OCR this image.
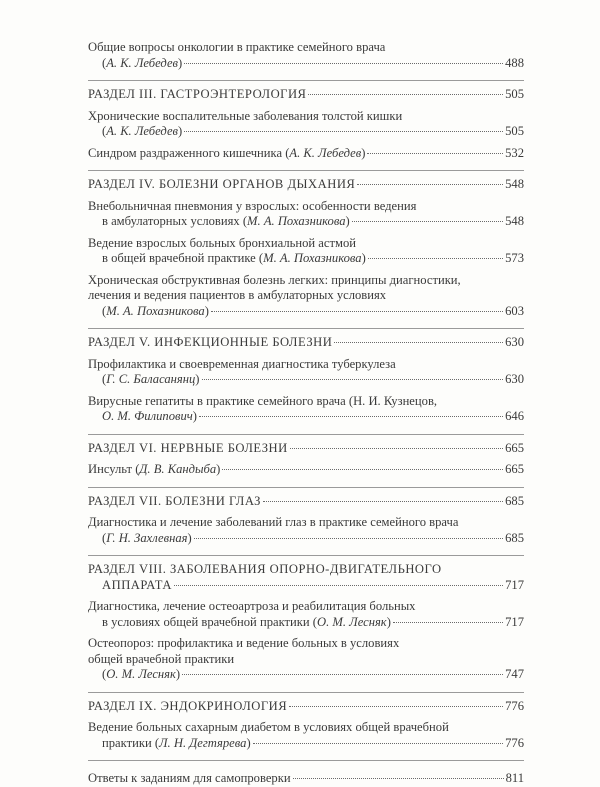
Общие вопросы онкологии в практике семейного врача
(А. К. Лебедев)	488
РАЗДЕЛ III. ГАСТРОЭНТЕРОЛОГИЯ	505
Хронические воспалительные заболевания толстой кишки
(А. К. Лебедев)	505
Синдром раздраженного кишечника (А. К. Лебедев)	532
РАЗДЕЛ IV. БОЛЕЗНИ ОРГАНОВ ДЫХАНИЯ	548
Внебольничная пневмония у взрослых: особенности ведения
в амбулаторных условиях (М. А. Похазникова)	548
Ведение взрослых больных бронхиальной астмой
в общей врачебной практике (М. А. Похазникова)	573
Хроническая обструктивная болезнь легких: принципы диагностики,
лечения и ведения пациентов в амбулаторных условиях
(М. А. Похазникова)	603
РАЗДЕЛ V. ИНФЕКЦИОННЫЕ БОЛЕЗНИ	630
Профилактика и своевременная диагностика туберкулеза
(Г. С. Баласанянц)	630
Вирусные гепатиты в практике семейного врача (Н. И. Кузнецов,
О. М. Филипович)	646
РАЗДЕЛ VI. НЕРВНЫЕ БОЛЕЗНИ	665
Инсульт (Д. В. Кандыба)	665
РАЗДЕЛ VII. БОЛЕЗНИ ГЛАЗ	685
Диагностика и лечение заболеваний глаз в практике семейного врача
(Г. Н. Захлевная)	685
РАЗДЕЛ VIII. ЗАБОЛЕВАНИЯ ОПОРНО-ДВИГАТЕЛЬНОГО
АППАРАТА	717
Диагностика, лечение остеоартроза и реабилитация больных
в условиях общей врачебной практики (О. М. Лесняк)	717
Остеопороз: профилактика и ведение больных в условиях
общей врачебной практики
(О. М. Лесняк)	747
РАЗДЕЛ IX. ЭНДОКРИНОЛОГИЯ	776
Ведение больных сахарным диабетом в условиях общей врачебной
практики (Л. Н. Дегтярева)	776
Ответы к заданиям для самопроверки	811
